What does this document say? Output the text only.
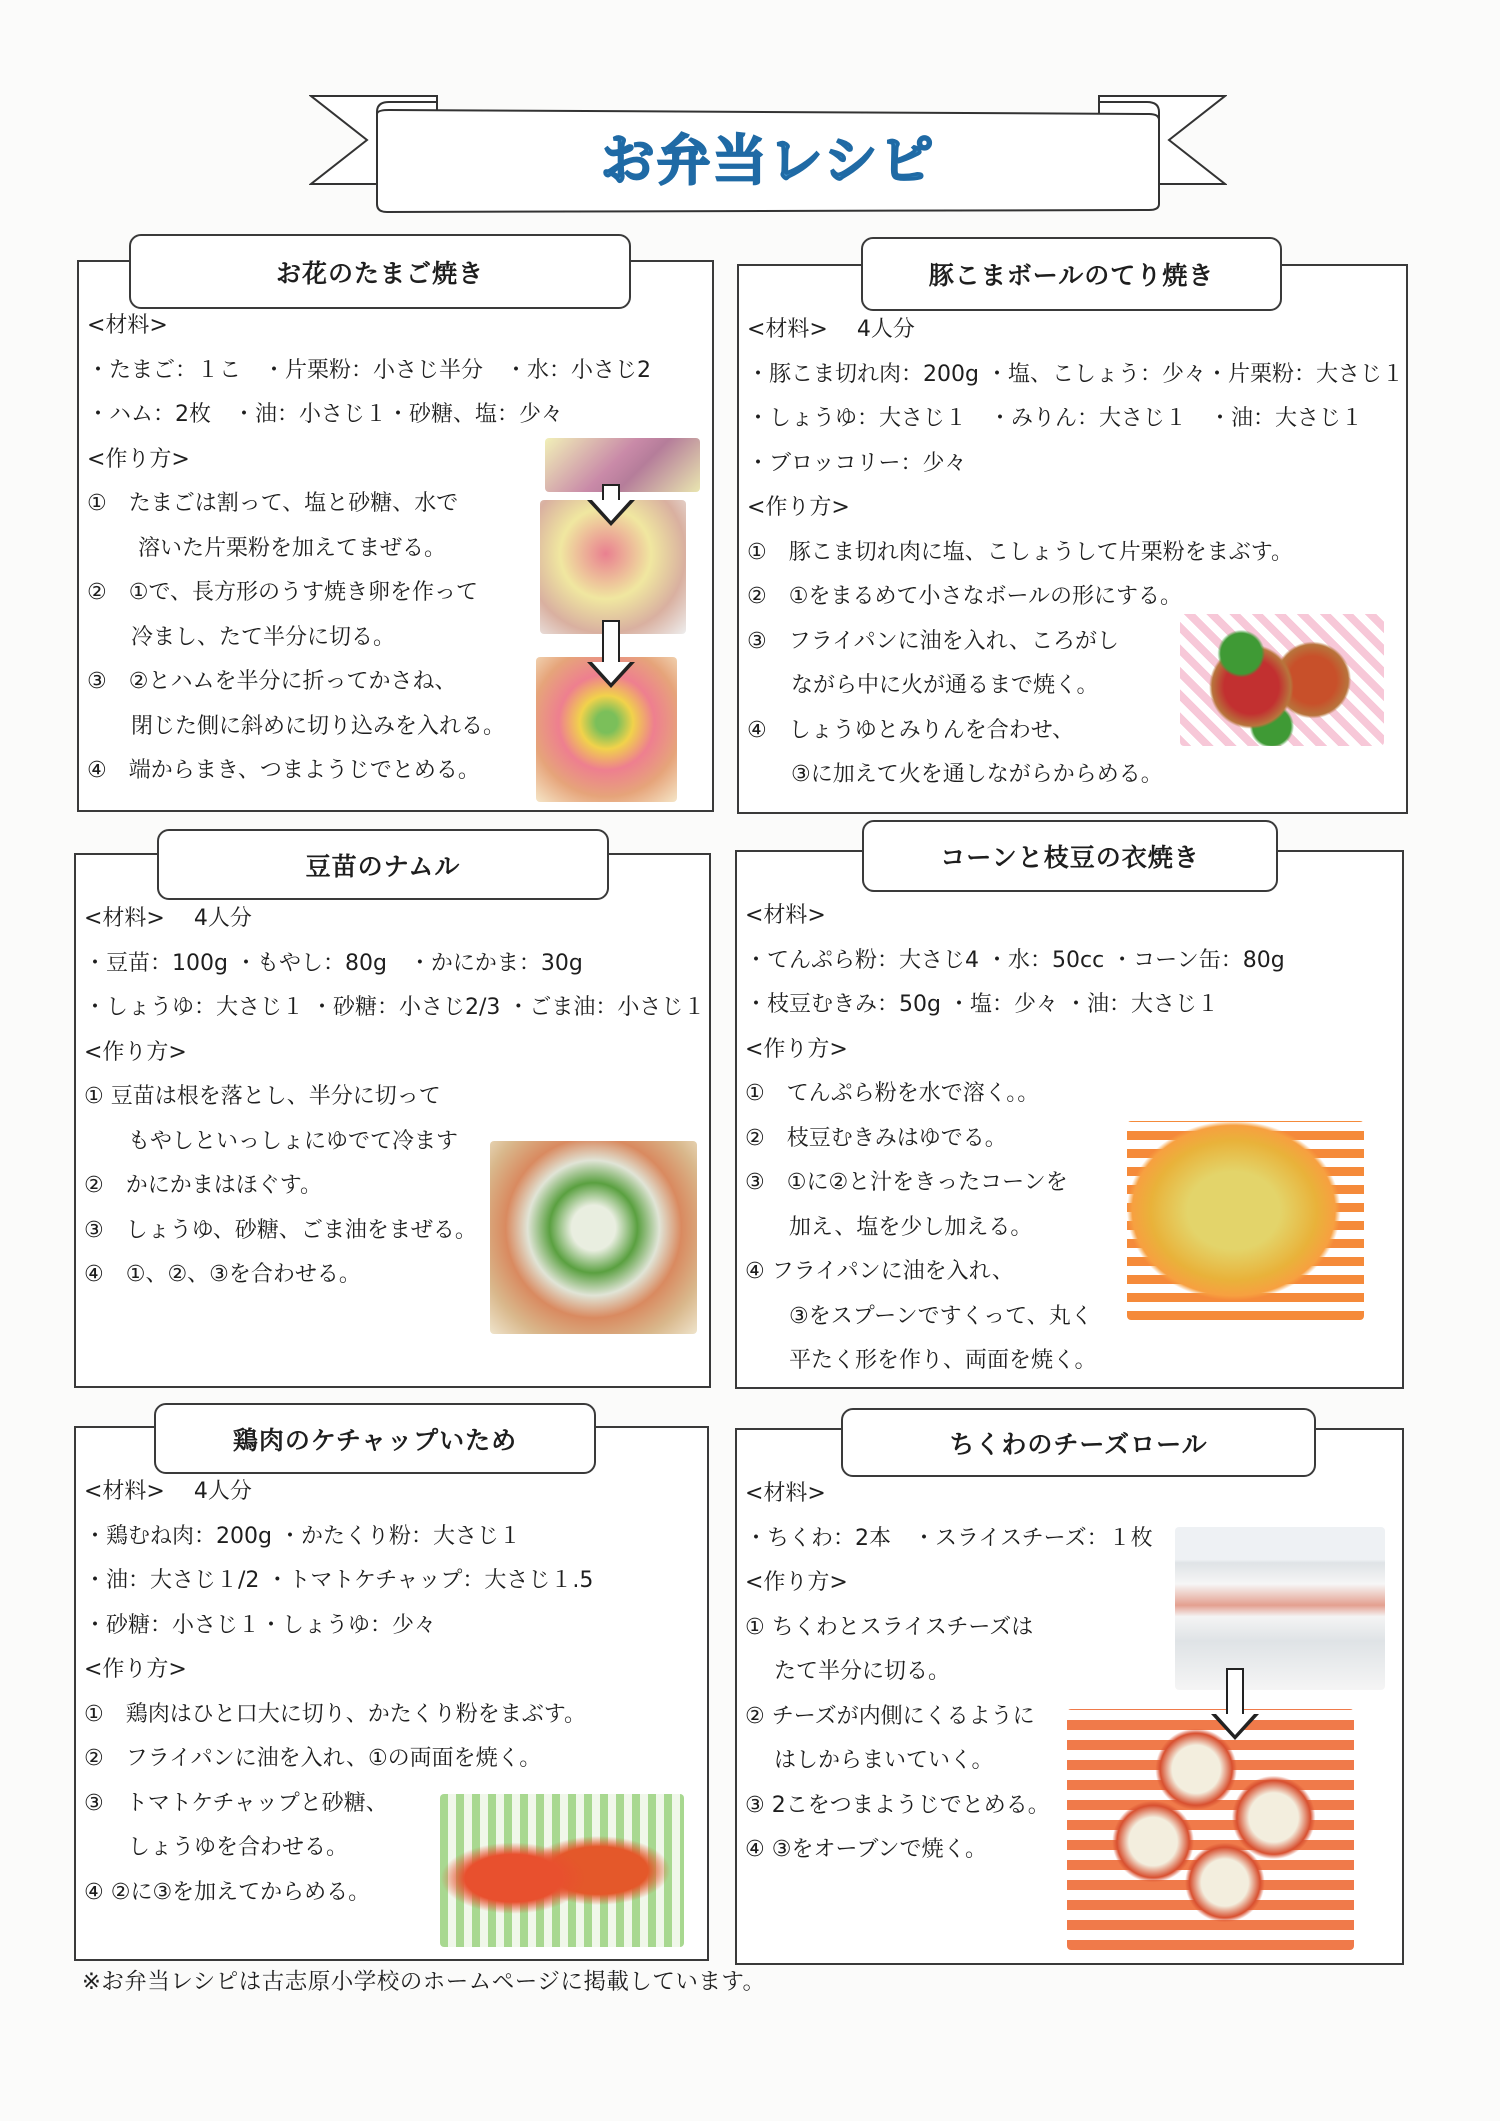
お弁当レシピ
<材料>
・たまご：１こ　・片栗粉：小さじ半分　・水：小さじ2
・ハム：2枚　・油：小さじ１・砂糖、塩：少々
<作り方>
①　たまごは割って、塩と砂糖、水で
　　 溶いた片栗粉を加えてまぜる。
②　①で、長方形のうす焼き卵を作って
　　冷まし、たて半分に切る。
③　②とハムを半分に折ってかさね、
　　閉じた側に斜めに切り込みを入れる。
④　端からまき、つまようじでとめる。
お花のたまご焼き
<材料>　 4人分
・豚こま切れ肉：200g ・塩、こしょう：少々・片栗粉：大さじ１
・しょうゆ：大さじ１　・みりん：大さじ１　・油：大さじ１
・ブロッコリー：少々
<作り方>
①　豚こま切れ肉に塩、こしょうして片栗粉をまぶす。
②　①をまるめて小さなボールの形にする。
③　フライパンに油を入れ、ころがし
　　ながら中に火が通るまで焼く。
④　しょうゆとみりんを合わせ、
　　③に加えて火を通しながらからめる。
豚こまボールのてり焼き
<材料>　 4人分
・豆苗：100g ・もやし：80g　・かにかま：30g
・しょうゆ：大さじ１ ・砂糖：小さじ2/3 ・ごま油：小さじ１
<作り方>
① 豆苗は根を落とし、半分に切って
　　もやしといっしょにゆでて冷ます
②　かにかまはほぐす。
③　しょうゆ、砂糖、ごま油をまぜる。
④　①、②、③を合わせる。
豆苗のナムル
<材料>
・てんぷら粉：大さじ4 ・水：50cc ・コーン缶：80g
・枝豆むきみ：50g ・塩：少々 ・油：大さじ１
<作り方>
①　てんぷら粉を水で溶く。。
②　枝豆むきみはゆでる。
③　①に②と汁をきったコーンを
　　加え、塩を少し加える。
④ フライパンに油を入れ、
　　③をスプーンですくって、丸く
　　平たく形を作り、両面を焼く。
コーンと枝豆の衣焼き
<材料>　 4人分
・鶏むね肉：200g ・かたくり粉：大さじ１
・油：大さじ１/2 ・トマトケチャップ：大さじ１.5
・砂糖：小さじ１・しょうゆ：少々
<作り方>
①　鶏肉はひと口大に切り、かたくり粉をまぶす。
②　フライパンに油を入れ、①の両面を焼く。
③　トマトケチャップと砂糖、
　　しょうゆを合わせる。
④ ②に③を加えてからめる。
鶏肉のケチャップいため
<材料>
・ちくわ：2本　・スライスチーズ：１枚
<作り方>
① ちくわとスライスチーズは
　 たて半分に切る。
② チーズが内側にくるように
　 はしからまいていく。
③ 2こをつまようじでとめる。
④ ③をオーブンで焼く。
ちくわのチーズロール
※お弁当レシピは古志原小学校のホームページに掲載しています。
